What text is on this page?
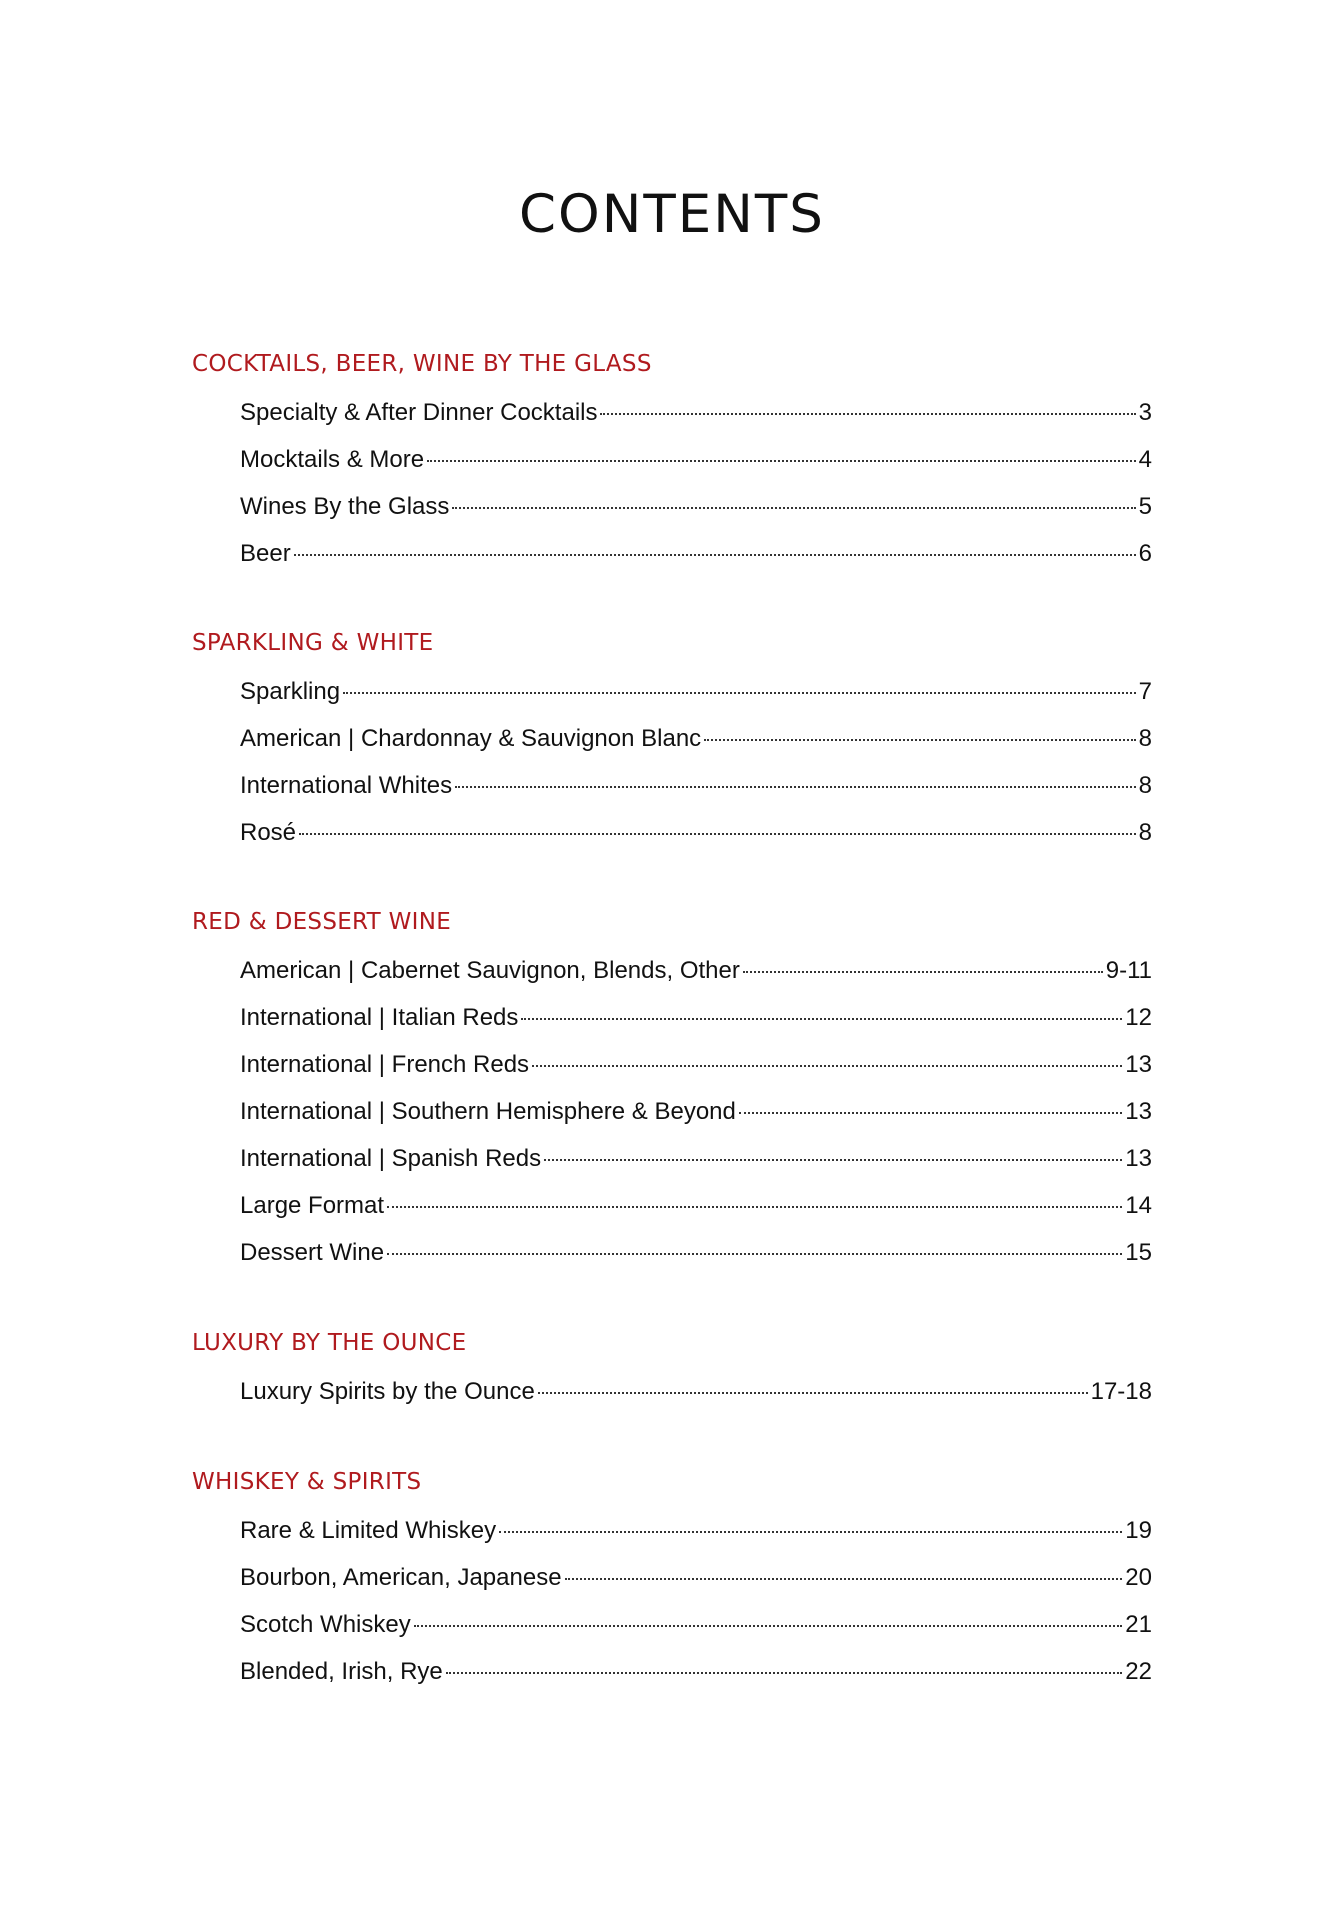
CONTENTS
COCKTAILS, BEER, WINE BY THE GLASS
Specialty & After Dinner Cocktails	3
Mocktails & More	4
Wines By the Glass	5
Beer	6
SPARKLING & WHITE
Sparkling	7
American | Chardonnay & Sauvignon Blanc	8
International Whites	8
Rosé	8
RED & DESSERT WINE
American | Cabernet Sauvignon, Blends, Other	9-11
International | Italian Reds	12
International | French Reds	13
International | Southern Hemisphere & Beyond	13
International | Spanish Reds	13
Large Format	14
Dessert Wine	15
LUXURY BY THE OUNCE
Luxury Spirits by the Ounce	17-18
WHISKEY & SPIRITS
Rare & Limited Whiskey	19
Bourbon, American, Japanese	20
Scotch Whiskey	21
Blended, Irish, Rye	22
